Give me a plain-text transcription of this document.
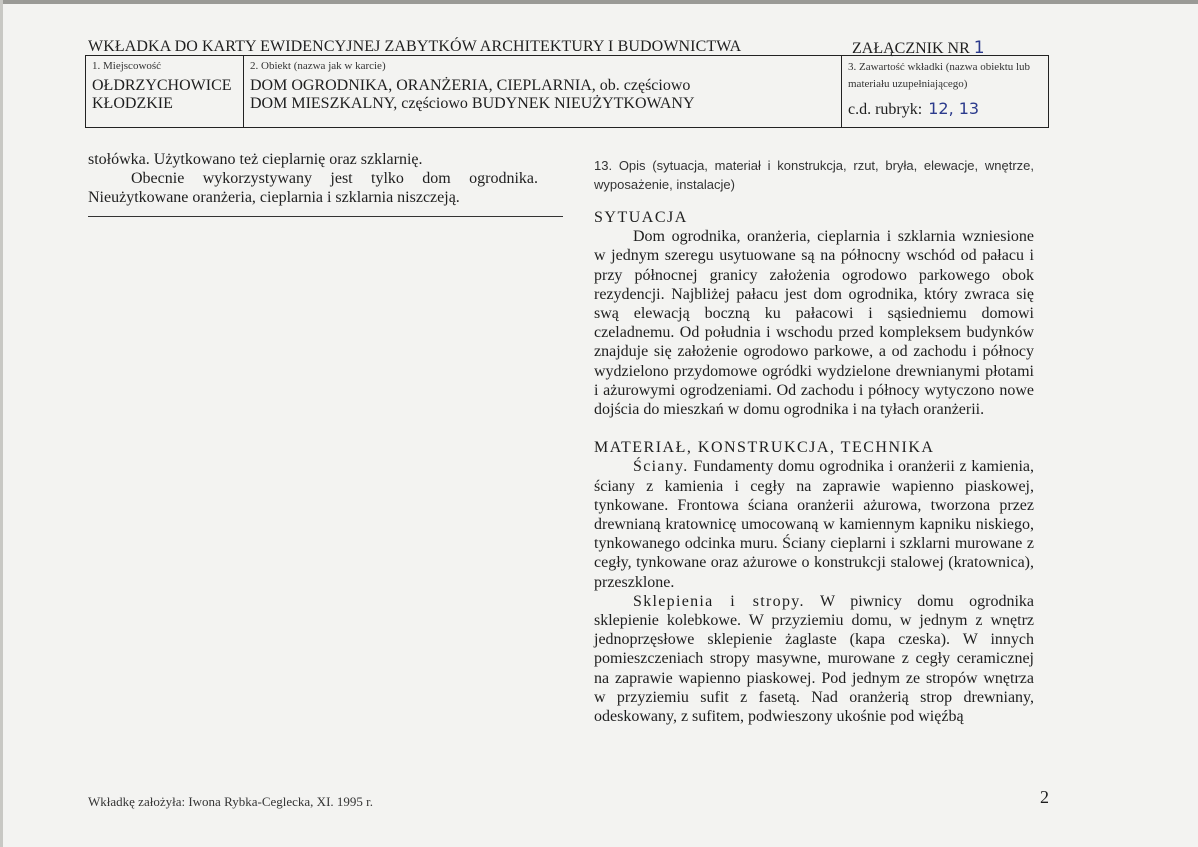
WKŁADKA DO KARTY EWIDENCYJNEJ ZABYTKÓW ARCHITEKTURY I BUDOWNICTWA	ZAŁĄCZNIK NR 1
1. Miejscowość
OŁDRZYCHOWICE
KŁODZKIE
2. Obiekt (nazwa jak w karcie)
DOM OGRODNIKA, ORANŻERIA, CIEPLARNIA, ob. częściowo
DOM MIESZKALNY, częściowo BUDYNEK NIEUŻYTKOWANY
3. Zawartość wkładki (nazwa obiektu lub materiału uzupełniającego)
c.d. rubryk: 12, 13

stołówka. Użytkowano też cieplarnię oraz szklarnię.

Obecnie wykorzystywany jest tylko dom ogrodnika. Nieużytkowane oranżeria, cieplarnia i szklarnia niszczeją.

13. Opis (sytuacja, materiał i konstrukcja, rzut, bryła, elewacje, wnętrze, wyposażenie, instalacje)

SYTUACJA

Dom ogrodnika, oranżeria, cieplarnia i szklarnia wzniesione w jednym szeregu usytuowane są na północny wschód od pałacu i przy północnej granicy założenia ogrodowo parkowego obok rezydencji. Najbliżej pałacu jest dom ogrodnika, który zwraca się swą elewacją boczną ku pałacowi i sąsiedniemu domowi czeladnemu. Od południa i wschodu przed kompleksem budynków znajduje się założenie ogrodowo parkowe, a od zachodu i północy wydzielono przydomowe ogródki wydzielone drewnianymi płotami i ażurowymi ogrodzeniami. Od zachodu i północy wytyczono nowe dojścia do mieszkań w domu ogrodnika i na tyłach oranżerii.

MATERIAŁ, KONSTRUKCJA, TECHNIKA

Ściany. Fundamenty domu ogrodnika i oranżerii z kamienia, ściany z kamienia i cegły na zaprawie wapienno piaskowej, tynkowane. Frontowa ściana oranżerii ażurowa, tworzona przez drewnianą kratownicę umocowaną w kamiennym kapniku niskiego, tynkowanego odcinka muru. Ściany cieplarni i szklarni murowane z cegły, tynkowane oraz ażurowe o konstrukcji stalowej (kratownica), przeszklone.

Sklepienia i stropy. W piwnicy domu ogrodnika sklepienie kolebkowe. W przyziemiu domu, w jednym z wnętrz jednoprzęsłowe sklepienie żaglaste (kapa czeska). W innych pomieszczeniach stropy masywne, murowane z cegły ceramicznej na zaprawie wapienno piaskowej. Pod jednym ze stropów wnętrza w przyziemiu sufit z fasetą. Nad oranżerią strop drewniany, odeskowany, z sufitem, podwieszony ukośnie pod więźbą

Wkładkę założyła: Iwona Rybka-Ceglecka, XI. 1995 r.	2
